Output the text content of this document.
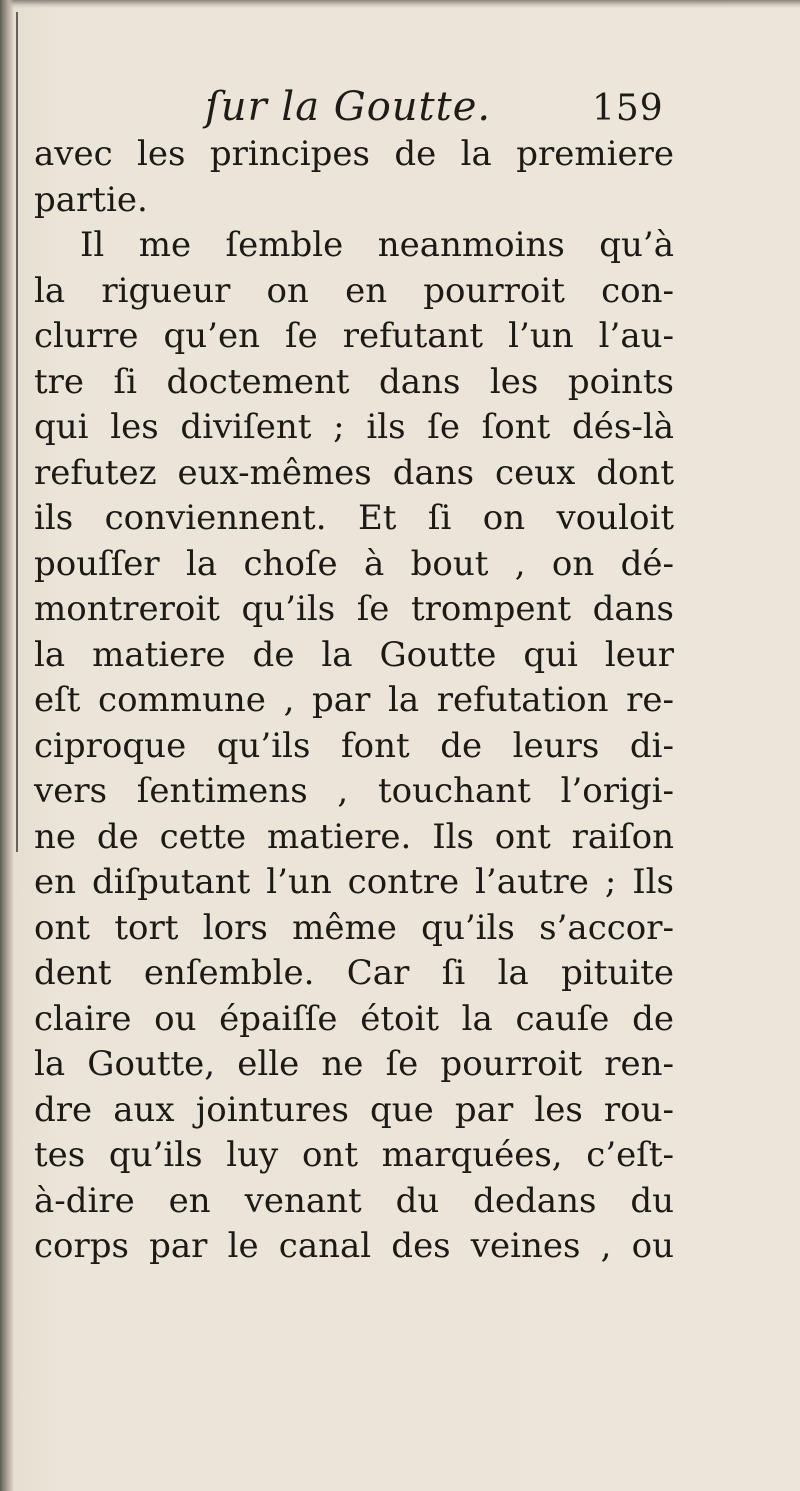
ſur la Goutte.	159
avec les principes de la premiere
partie.
Il me ſemble neanmoins qu’à
la rigueur on en pourroit con-
clurre qu’en ſe refutant l’un l’au-
tre ſi doctement dans les points
qui les diviſent ; ils ſe ſont dés-là
refutez eux-mêmes dans ceux dont
ils conviennent. Et ſi on vouloit
pouſſer la choſe à bout , on dé-
montreroit qu’ils ſe trompent dans
la matiere de la Goutte qui leur
eſt commune , par la refutation re-
ciproque qu’ils font de leurs di-
vers ſentimens , touchant l’origi-
ne de cette matiere. Ils ont raiſon
en diſputant l’un contre l’autre ; Ils
ont tort lors même qu’ils s’accor-
dent enſemble. Car ſi la pituite
claire ou épaiſſe étoit la cauſe de
la Goutte, elle ne ſe pourroit ren-
dre aux jointures que par les rou-
tes qu’ils luy ont marquées, c’eſt-
à-dire en venant du dedans du
corps par le canal des veines , ou
